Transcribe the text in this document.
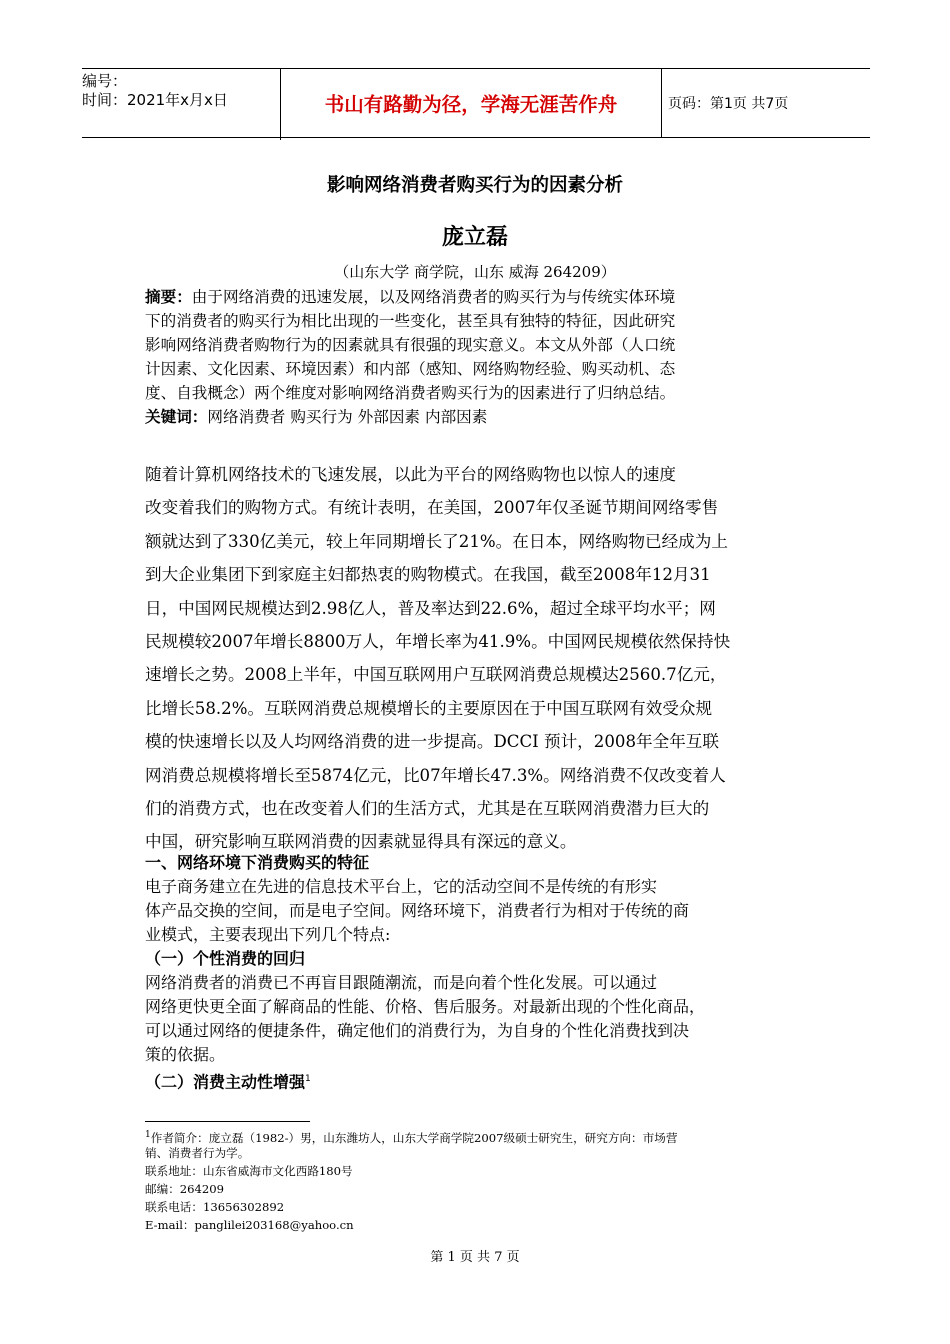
编号：
时间：2021年x月x日	书山有路勤为径，学海无涯苦作舟	页码：第1页 共7页
影响网络消费者购买行为的因素分析
庞立磊
（山东大学 商学院，山东 威海 264209）
摘要：由于网络消费的迅速发展，以及网络消费者的购买行为与传统实体环境
下的消费者的购买行为相比出现的一些变化，甚至具有独特的特征，因此研究
影响网络消费者购物行为的因素就具有很强的现实意义。本文从外部（人口统
计因素、文化因素、环境因素）和内部（感知、网络购物经验、购买动机、态
度、自我概念）两个维度对影响网络消费者购买行为的因素进行了归纳总结。
关键词：网络消费者 购买行为 外部因素 内部因素
随着计算机网络技术的飞速发展，以此为平台的网络购物也以惊人的速度
改变着我们的购物方式。有统计表明，在美国，2007年仅圣诞节期间网络零售
额就达到了330亿美元，较上年同期增长了21%。在日本，网络购物已经成为上
到大企业集团下到家庭主妇都热衷的购物模式。在我国，截至2008年12月31
日，中国网民规模达到2.98亿人，普及率达到22.6%，超过全球平均水平；网
民规模较2007年增长8800万人，年增长率为41.9%。中国网民规模依然保持快
速增长之势。2008上半年，中国互联网用户互联网消费总规模达2560.7亿元，
比增长58.2%。互联网消费总规模增长的主要原因在于中国互联网有效受众规
模的快速增长以及人均网络消费的进一步提高。DCCI 预计，2008年全年互联
网消费总规模将增长至5874亿元，比07年增长47.3%。网络消费不仅改变着人
们的消费方式，也在改变着人们的生活方式，尤其是在互联网消费潜力巨大的
中国，研究影响互联网消费的因素就显得具有深远的意义。
一、网络环境下消费购买的特征
电子商务建立在先进的信息技术平台上，它的活动空间不是传统的有形实
体产品交换的空间，而是电子空间。网络环境下，消费者行为相对于传统的商
业模式，主要表现出下列几个特点:
（一）个性消费的回归
网络消费者的消费已不再盲目跟随潮流，而是向着个性化发展。可以通过
网络更快更全面了解商品的性能、价格、售后服务。对最新出现的个性化商品，
可以通过网络的便捷条件，确定他们的消费行为，为自身的个性化消费找到决
策的依据。
（二）消费主动性增强$^1$
$^1$作者简介：庞立磊（1982-）男，山东潍坊人，山东大学商学院2007级硕士研究生，研究方向：市场营
销、消费者行为学。
联系地址：山东省威海市文化西路180号
邮编：264209
联系电话：13656302892
E-mail：panglilei203168@yahoo.cn
第 1 页 共 7 页
